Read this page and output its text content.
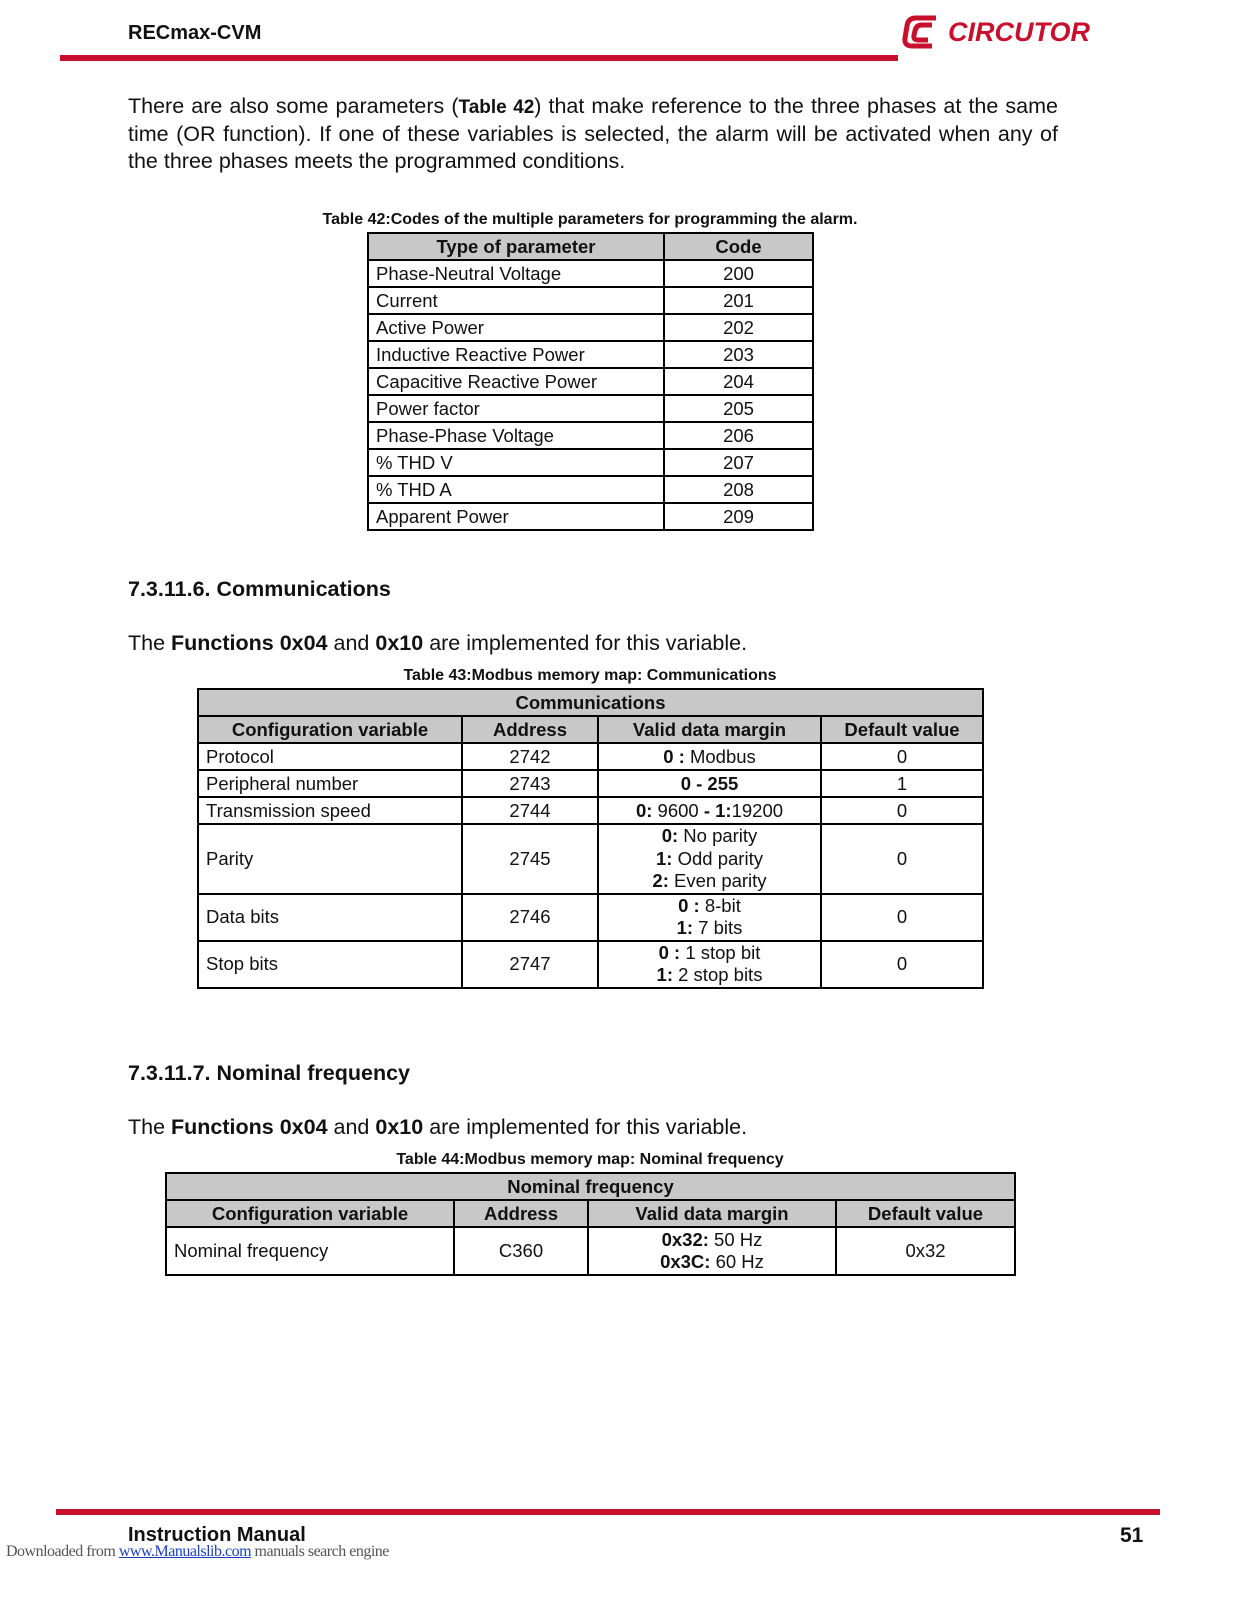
RECmax-CVM	CIRCUTOR
There are also some parameters (Table 42) that make reference to the three phases at the same time (OR function). If one of these variables is selected, the alarm will be activated when any of the three phases meets the programmed conditions.
Table 42:Codes of the multiple parameters for programming the alarm.
Type of parameter	Code
Phase-Neutral Voltage	200
Current	201
Active Power	202
Inductive Reactive Power	203
Capacitive Reactive Power	204
Power factor	205
Phase-Phase Voltage	206
% THD V	207
% THD A	208
Apparent Power	209
7.3.11.6. Communications
The Functions 0x04 and 0x10 are implemented for this variable.
Table 43:Modbus memory map: Communications
Communications			
Configuration variable	Address	Valid data margin	Default value
Protocol	2742	0 : Modbus	0
Peripheral number	2743	0 - 255	1
Transmission speed	2744	0: 9600 - 1:19200	0
Parity	2745	0: No parity
1: Odd parity
2: Even parity	0
Data bits	2746	0 : 8-bit
1: 7 bits	0
Stop bits	2747	0 : 1 stop bit
1: 2 stop bits	0
7.3.11.7. Nominal frequency
The Functions 0x04 and 0x10 are implemented for this variable.
Table 44:Modbus memory map: Nominal frequency
Nominal frequency			
Configuration variable	Address	Valid data margin	Default value
Nominal frequency	C360	0x32: 50 Hz
0x3C: 60 Hz	0x32
Instruction Manual	51
Downloaded from www.Manualslib.com manuals search engine
